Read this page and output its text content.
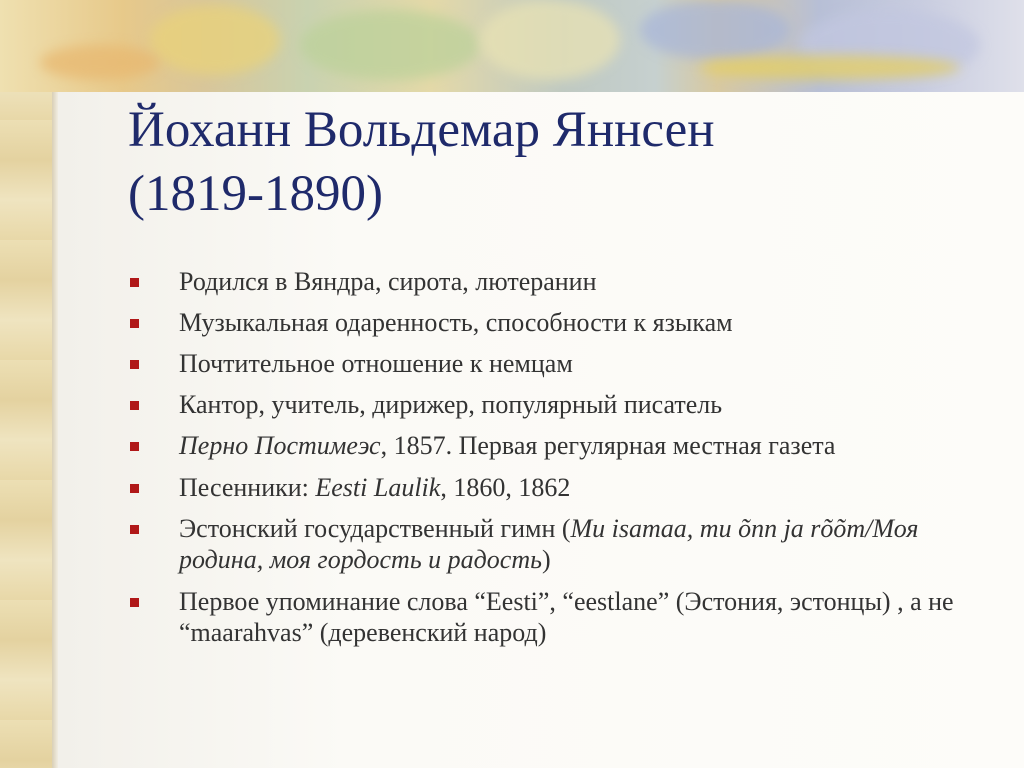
Йоханн Вольдемар Яннсен
(1819-1890)
Родился в Вяндра, сирота, лютеранин
Музыкальная одаренность, способности к языкам
Почтительное отношение к немцам
Кантор, учитель, дирижер, популярный писатель
Перно Постимеэс, 1857. Первая регулярная местная газета
Песенники: Eesti Laulik, 1860, 1862
Эстонский государственный гимн (Mu isamaa, mu õnn ja rõõm/Моя родина, моя гордость и радость)
Первое упоминание слова “Eesti”, “eestlane” (Эстония, эстонцы) , а не “maarahvas” (деревенский народ)
